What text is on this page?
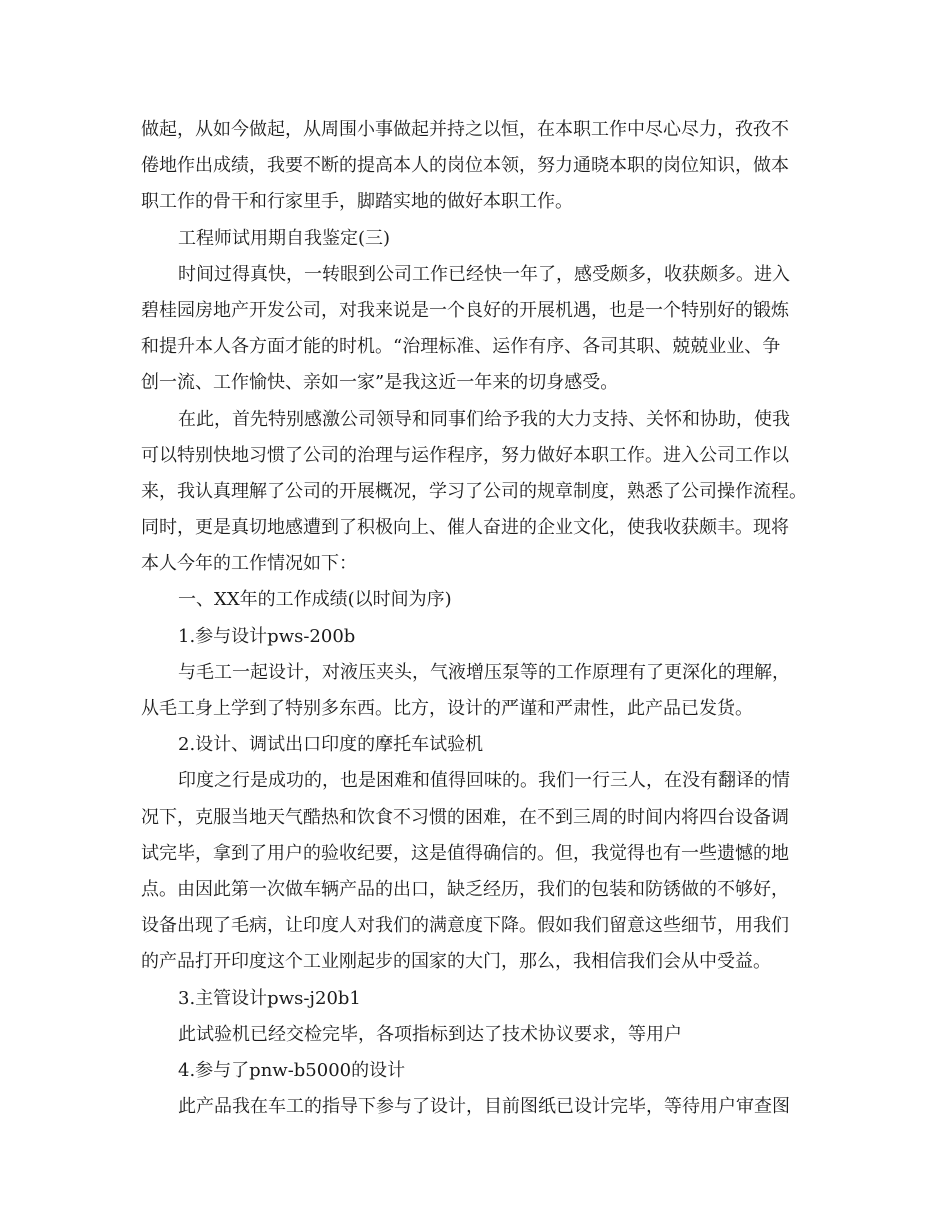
做起，从如今做起，从周围小事做起并持之以恒，在本职工作中尽心尽力，孜孜不
倦地作出成绩，我要不断的提高本人的岗位本领，努力通晓本职的岗位知识，做本
职工作的骨干和行家里手，脚踏实地的做好本职工作。
工程师试用期自我鉴定(三)
时间过得真快，一转眼到公司工作已经快一年了，感受颇多，收获颇多。进入
碧桂园房地产开发公司，对我来说是一个良好的开展机遇，也是一个特别好的锻炼
和提升本人各方面才能的时机。“治理标准、运作有序、各司其职、兢兢业业、争
创一流、工作愉快、亲如一家”是我这近一年来的切身感受。
在此，首先特别感激公司领导和同事们给予我的大力支持、关怀和协助，使我
可以特别快地习惯了公司的治理与运作程序，努力做好本职工作。进入公司工作以
来，我认真理解了公司的开展概况，学习了公司的规章制度，熟悉了公司操作流程。
同时，更是真切地感遭到了积极向上、催人奋进的企业文化，使我收获颇丰。现将
本人今年的工作情况如下：
一、XX年的工作成绩(以时间为序)
1.参与设计pws-200b
与毛工一起设计，对液压夹头，气液增压泵等的工作原理有了更深化的理解，
从毛工身上学到了特别多东西。比方，设计的严谨和严肃性，此产品已发货。
2.设计、调试出口印度的摩托车试验机
印度之行是成功的，也是困难和值得回味的。我们一行三人，在没有翻译的情
况下，克服当地天气酷热和饮食不习惯的困难，在不到三周的时间内将四台设备调
试完毕，拿到了用户的验收纪要，这是值得确信的。但，我觉得也有一些遗憾的地
点。由因此第一次做车辆产品的出口，缺乏经历，我们的包装和防锈做的不够好，
设备出现了毛病，让印度人对我们的满意度下降。假如我们留意这些细节，用我们
的产品打开印度这个工业刚起步的国家的大门，那么，我相信我们会从中受益。
3.主管设计pws-j20b1
此试验机已经交检完毕，各项指标到达了技术协议要求，等用户
4.参与了pnw-b5000的设计
此产品我在车工的指导下参与了设计，目前图纸已设计完毕，等待用户审查图
